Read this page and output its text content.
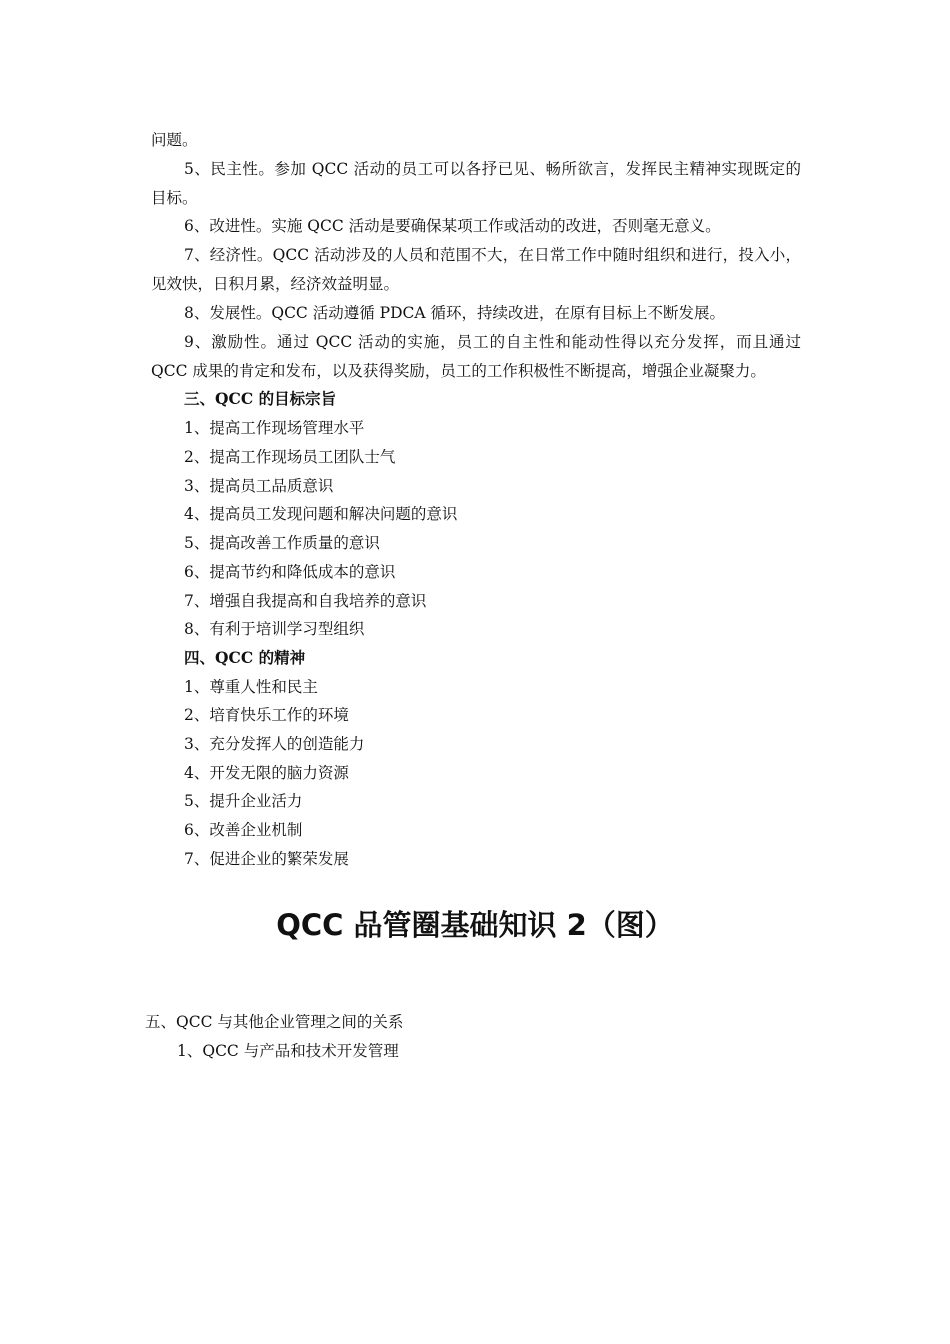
问题。
5、民主性。参加 QCC 活动的员工可以各抒已见、畅所欲言，发挥民主精神实现既定的
目标。
6、改进性。实施 QCC 活动是要确保某项工作或活动的改进，否则毫无意义。
7、经济性。QCC 活动涉及的人员和范围不大，在日常工作中随时组织和进行，投入小，
见效快，日积月累，经济效益明显。
8、发展性。QCC 活动遵循 PDCA 循环，持续改进，在原有目标上不断发展。
9、激励性。通过 QCC 活动的实施，员工的自主性和能动性得以充分发挥，而且通过
QCC 成果的肯定和发布，以及获得奖励，员工的工作积极性不断提高，增强企业凝聚力。
三、QCC 的目标宗旨
1、提高工作现场管理水平
2、提高工作现场员工团队士气
3、提高员工品质意识
4、提高员工发现问题和解决问题的意识
5、提高改善工作质量的意识
6、提高节约和降低成本的意识
7、增强自我提高和自我培养的意识
8、有利于培训学习型组织
四、QCC 的精神
1、尊重人性和民主
2、培育快乐工作的环境
3、充分发挥人的创造能力
4、开发无限的脑力资源
5、提升企业活力
6、改善企业机制
7、促进企业的繁荣发展
QCC 品管圈基础知识 2（图）
五、QCC 与其他企业管理之间的关系
1、QCC 与产品和技术开发管理
